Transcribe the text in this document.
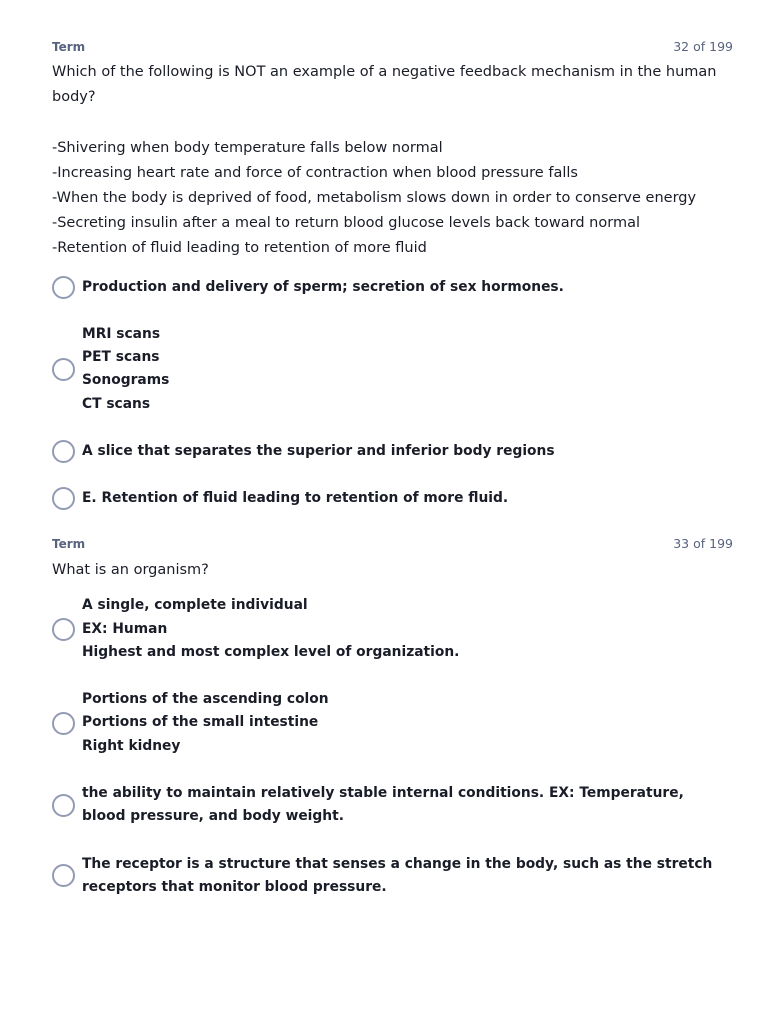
Term	32 of 199
Which of the following is NOT an example of a negative feedback mechanism in the human body?

-Shivering when body temperature falls below normal
-Increasing heart rate and force of contraction when blood pressure falls
-When the body is deprived of food, metabolism slows down in order to conserve energy
-Secreting insulin after a meal to return blood glucose levels back toward normal
-Retention of fluid leading to retention of more fluid
Production and delivery of sperm; secretion of sex hormones.
MRI scans
PET scans
Sonograms
CT scans
A slice that separates the superior and inferior body regions
E. Retention of fluid leading to retention of more fluid.
Term	33 of 199
What is an organism?
A single, complete individual
EX: Human
Highest and most complex level of organization.
Portions of the ascending colon
Portions of the small intestine
Right kidney
the ability to maintain relatively stable internal conditions. EX: Temperature, blood pressure, and body weight.
The receptor is a structure that senses a change in the body, such as the stretch receptors that monitor blood pressure.
